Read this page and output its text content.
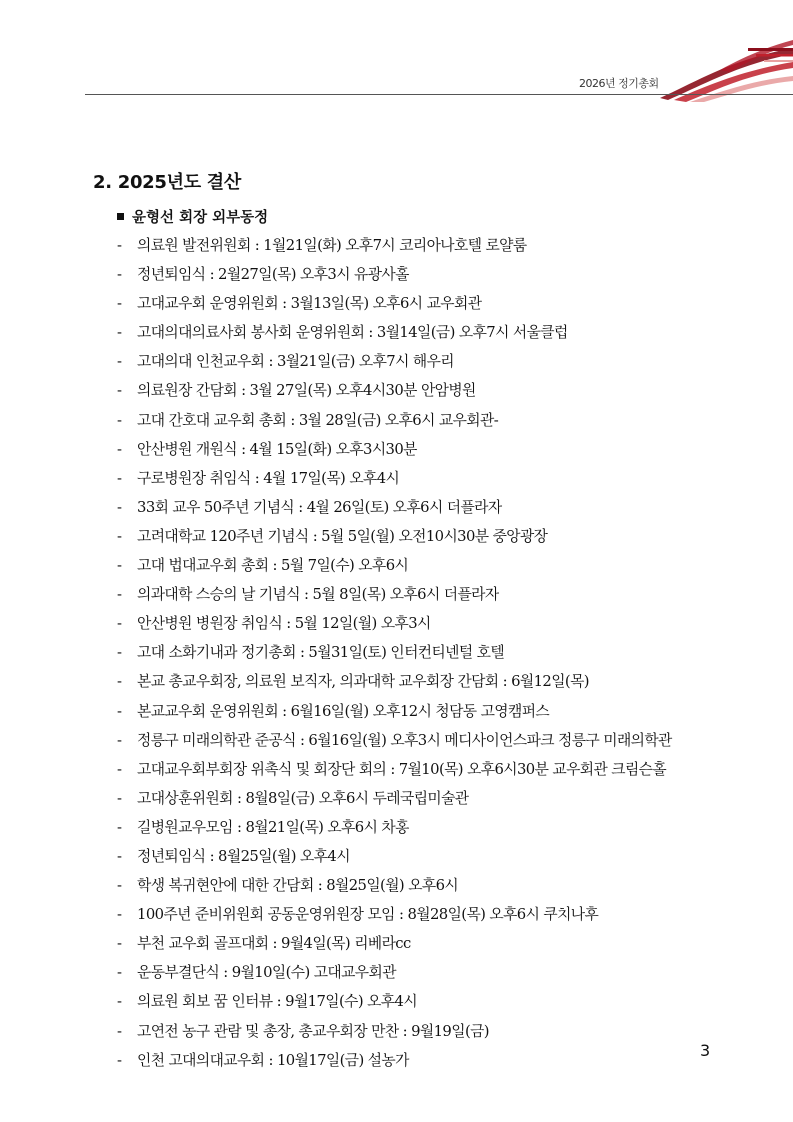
2026년 정기총회
2. 2025년도 결산
윤형선 회장 외부동정
- 의료원 발전위원회 : 1월21일(화) 오후7시 코리아나호텔 로얄룸
- 정년퇴임식 : 2월27일(목) 오후3시 유광사홀
- 고대교우회 운영위원회 : 3월13일(목) 오후6시 교우회관
- 고대의대의료사회 봉사회 운영위원회 : 3월14일(금) 오후7시 서울클럽
- 고대의대 인천교우회 : 3월21일(금) 오후7시 해우리
- 의료원장 간담회 : 3월 27일(목) 오후4시30분 안암병원
- 고대 간호대 교우회 총회 : 3월 28일(금) 오후6시 교우회관-
- 안산병원 개원식 : 4월 15일(화) 오후3시30분
- 구로병원장 취임식 : 4월 17일(목) 오후4시
- 33회 교우 50주년 기념식 : 4월 26일(토) 오후6시 더플라자
- 고려대학교 120주년 기념식 : 5월 5일(월) 오전10시30분 중앙광장
- 고대 법대교우회 총회 : 5월 7일(수) 오후6시
- 의과대학 스승의 날 기념식 : 5월 8일(목) 오후6시 더플라자
- 안산병원 병원장 취임식 : 5월 12일(월) 오후3시
- 고대 소화기내과 정기총회 : 5월31일(토) 인터컨티넨털 호텔
- 본교 총교우회장, 의료원 보직자, 의과대학 교우회장 간담회 : 6월12일(목)
- 본교교우회 운영위원회 : 6월16일(월) 오후12시 청담동 고영캠퍼스
- 정릉구 미래의학관 준공식 : 6월16일(월) 오후3시 메디사이언스파크 정릉구 미래의학관
- 고대교우회부회장 위촉식 및 회장단 회의 : 7월10(목) 오후6시30분 교우회관 크림슨홀
- 고대상훈위원회 : 8월8일(금) 오후6시 두레국립미술관
- 길병원교우모임 : 8월21일(목) 오후6시 차홍
- 정년퇴임식 : 8월25일(월) 오후4시
- 학생 복귀현안에 대한 간담회 : 8월25일(월) 오후6시
- 100주년 준비위원회 공동운영위원장 모임 : 8월28일(목) 오후6시 쿠치나후
- 부천 교우회 골프대회 : 9월4일(목) 리베라cc
- 운동부결단식 : 9월10일(수) 고대교우회관
- 의료원 회보 꿈 인터뷰 : 9월17일(수) 오후4시
- 고연전 농구 관람 및 총장, 총교우회장 만찬 : 9월19일(금)
- 인천 고대의대교우회 : 10월17일(금) 설농가
3
